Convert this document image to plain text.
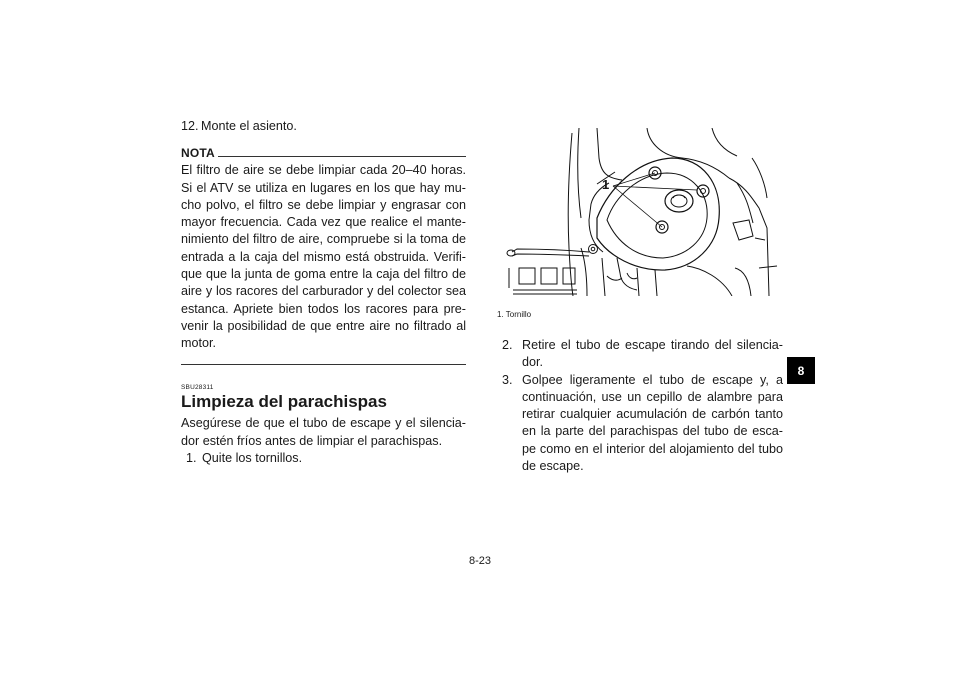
12. Monte el asiento.

NOTA

El filtro de aire se debe limpiar cada 20–40 horas. Si el ATV se utiliza en lugares en los que hay mu-cho polvo, el filtro se debe limpiar y engrasar con mayor frecuencia. Cada vez que realice el mante-nimiento del filtro de aire, compruebe si la toma de entrada a la caja del mismo está obstruida. Verifi-que que la junta de goma entre la caja del filtro de aire y los racores del carburador y del colector sea estanca. Apriete bien todos los racores para pre-venir la posibilidad de que entre aire no filtrado al motor.

SBU28311
Limpieza del parachispas

Asegúrese de que el tubo de escape y el silencia-dor estén fríos antes de limpiar el parachispas.

1. Quite los tornillos.

1
1. Tornillo
2. Retire el tubo de escape tirando del silencia-dor.
3. Golpee ligeramente el tubo de escape y, a continuación, use un cepillo de alambre para retirar cualquier acumulación de carbón tanto en la parte del parachispas del tubo de esca-pe como en el interior del alojamiento del tubo de escape.
8
8-23
